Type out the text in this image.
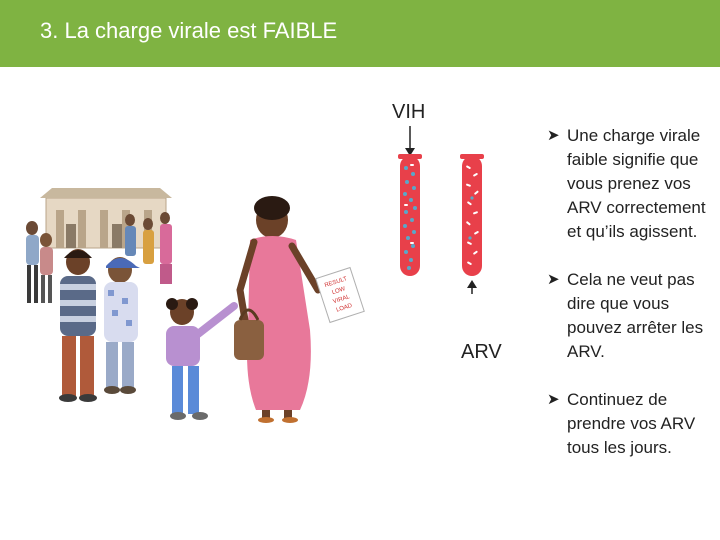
3. La charge virale est FAIBLE
RESULT
LOW
VIRAL
LOAD
VIH
ARV
➤ Une charge virale faible signifie que vous prenez vos ARV correctement et qu’ils agissent.
➤ Cela ne veut pas dire que vous pouvez arrêter les ARV.
➤ Continuez de prendre vos ARV tous les jours.
